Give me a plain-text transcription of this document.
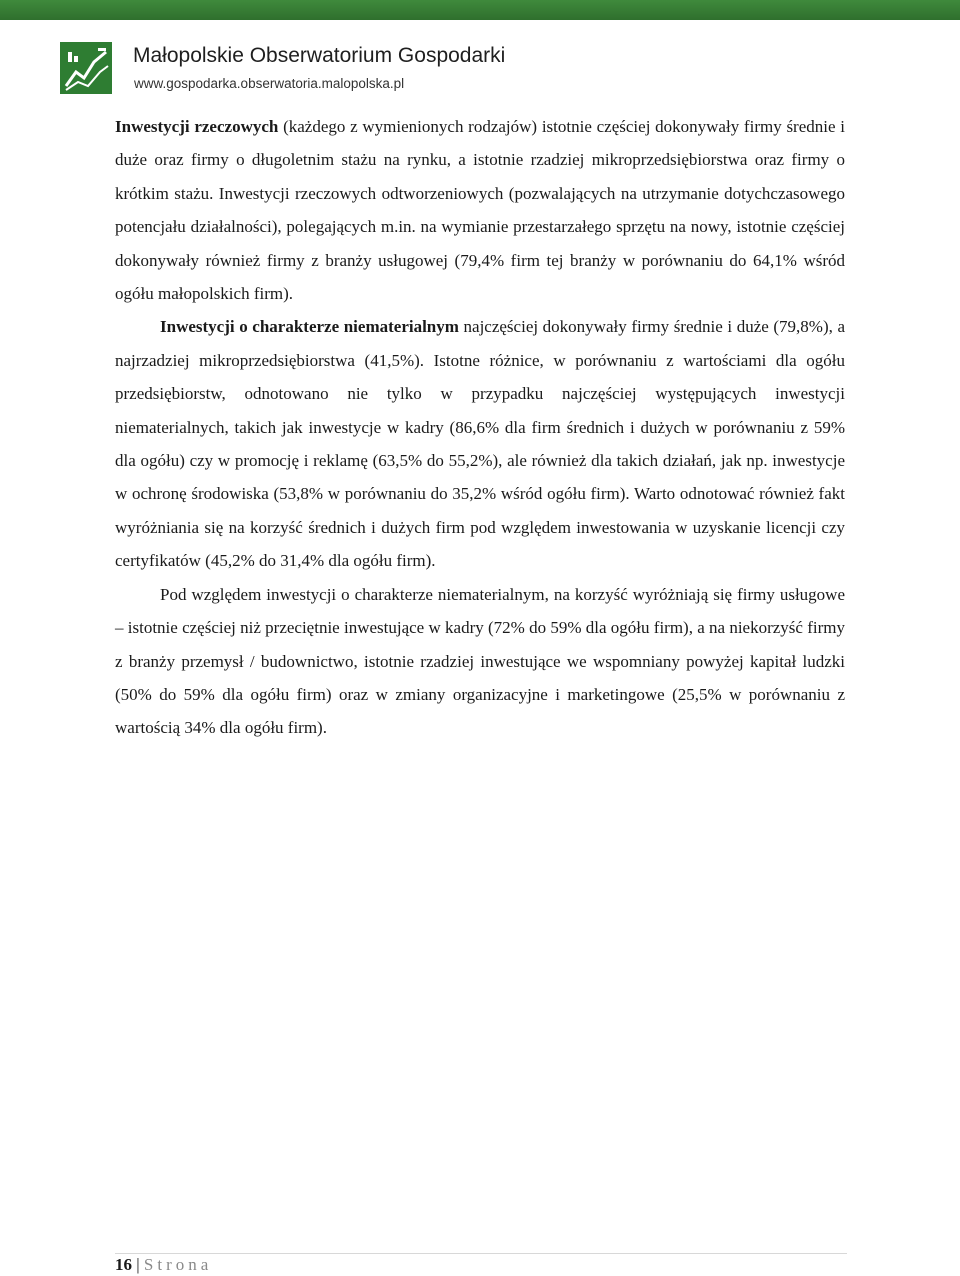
Małopolskie Obserwatorium Gospodarki
www.gospodarka.obserwatoria.malopolska.pl

Inwestycji rzeczowych (każdego z wymienionych rodzajów) istotnie częściej dokonywały firmy średnie i duże oraz firmy o długoletnim stażu na rynku, a istotnie rzadziej mikroprzedsiębiorstwa oraz firmy o krótkim stażu. Inwestycji rzeczowych odtworzeniowych (pozwalających na utrzymanie dotychczasowego potencjału działalności), polegających m.in. na wymianie przestarzałego sprzętu na nowy, istotnie częściej dokonywały również firmy z branży usługowej (79,4% firm tej branży w porównaniu do 64,1% wśród ogółu małopolskich firm).

Inwestycji o charakterze niematerialnym najczęściej dokonywały firmy średnie i duże (79,8%), a najrzadziej mikroprzedsiębiorstwa (41,5%). Istotne różnice, w porównaniu z wartościami dla ogółu przedsiębiorstw, odnotowano nie tylko w przypadku najczęściej występujących inwestycji niematerialnych, takich jak inwestycje w kadry (86,6% dla firm średnich i dużych w porównaniu z 59% dla ogółu) czy w promocję i reklamę (63,5% do 55,2%), ale również dla takich działań, jak np. inwestycje w ochronę środowiska (53,8% w porównaniu do 35,2% wśród ogółu firm). Warto odnotować również fakt wyróżniania się na korzyść średnich i dużych firm pod względem inwestowania w uzyskanie licencji czy certyfikatów (45,2% do 31,4% dla ogółu firm).

Pod względem inwestycji o charakterze niematerialnym, na korzyść wyróżniają się firmy usługowe – istotnie częściej niż przeciętnie inwestujące w kadry (72% do 59% dla ogółu firm), a na niekorzyść firmy z branży przemysł / budownictwo, istotnie rzadziej inwestujące we wspomniany powyżej kapitał ludzki (50% do 59% dla ogółu firm) oraz w zmiany organizacyjne i marketingowe (25,5% w porównaniu z wartością 34% dla ogółu firm).

16 | Strona
